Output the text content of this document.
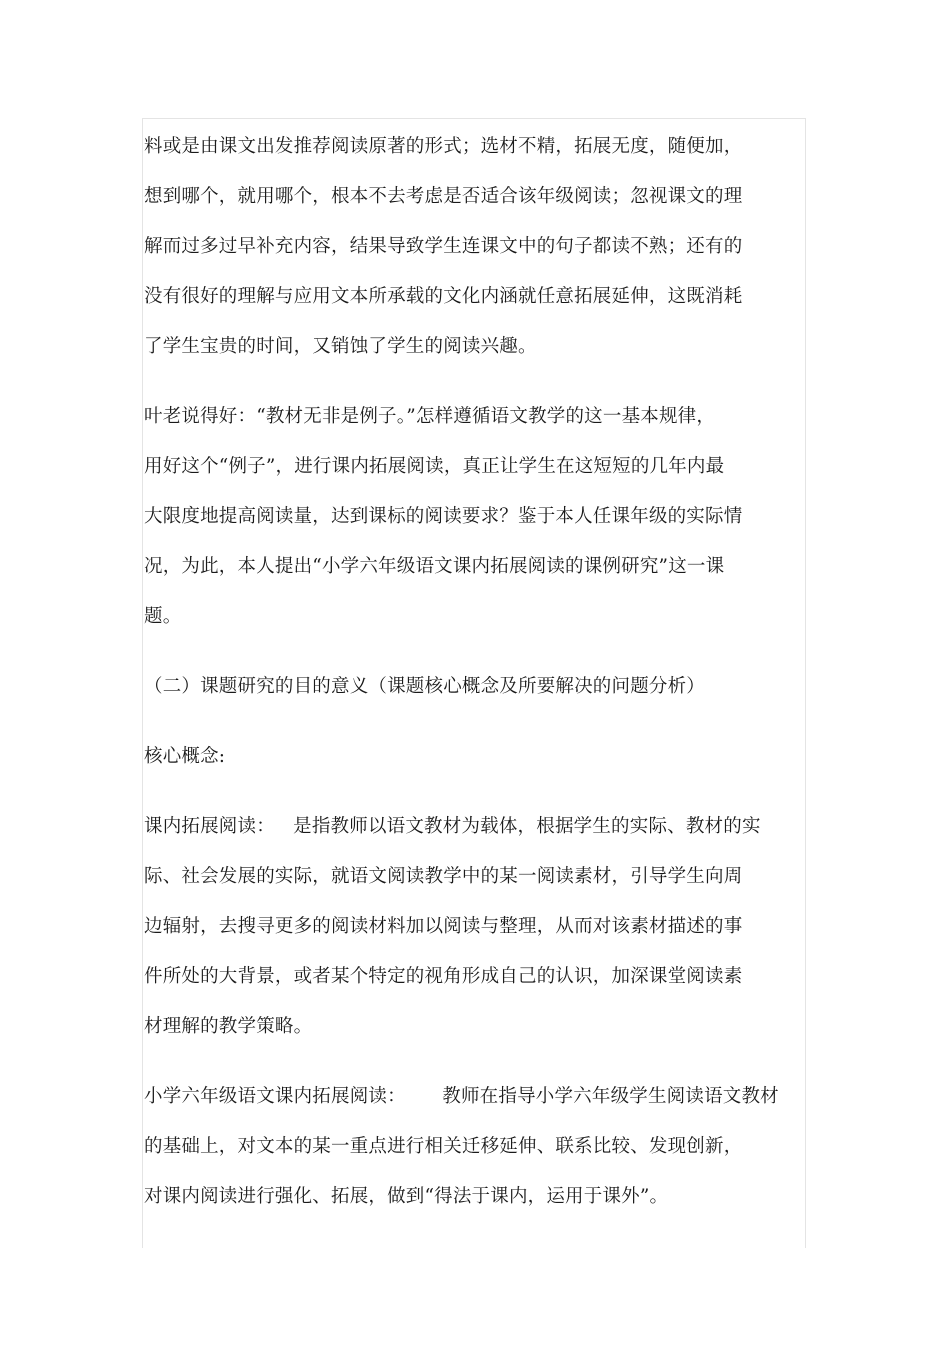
料或是由课文出发推荐阅读原著的形式；选材不精，拓展无度，随便加，
想到哪个，就用哪个，根本不去考虑是否适合该年级阅读；忽视课文的理
解而过多过早补充内容，结果导致学生连课文中的句子都读不熟；还有的
没有很好的理解与应用文本所承载的文化内涵就任意拓展延伸，这既消耗
了学生宝贵的时间，又销蚀了学生的阅读兴趣。
叶老说得好：“教材无非是例子。”怎样遵循语文教学的这一基本规律，
用好这个“例子”，进行课内拓展阅读，真正让学生在这短短的几年内最
大限度地提高阅读量，达到课标的阅读要求？鉴于本人任课年级的实际情
况，为此，本人提出“小学六年级语文课内拓展阅读的课例研究”这一课
题。
（二）课题研究的目的意义（课题核心概念及所要解决的问题分析）
核心概念:
课内拓展阅读：   是指教师以语文教材为载体，根据学生的实际、教材的实
际、社会发展的实际，就语文阅读教学中的某一阅读素材，引导学生向周
边辐射，去搜寻更多的阅读材料加以阅读与整理，从而对该素材描述的事
件所处的大背景，或者某个特定的视角形成自己的认识，加深课堂阅读素
材理解的教学策略。
小学六年级语文课内拓展阅读：      教师在指导小学六年级学生阅读语文教材
的基础上，对文本的某一重点进行相关迁移延伸、联系比较、发现创新，
对课内阅读进行强化、拓展，做到“得法于课内，运用于课外”。
